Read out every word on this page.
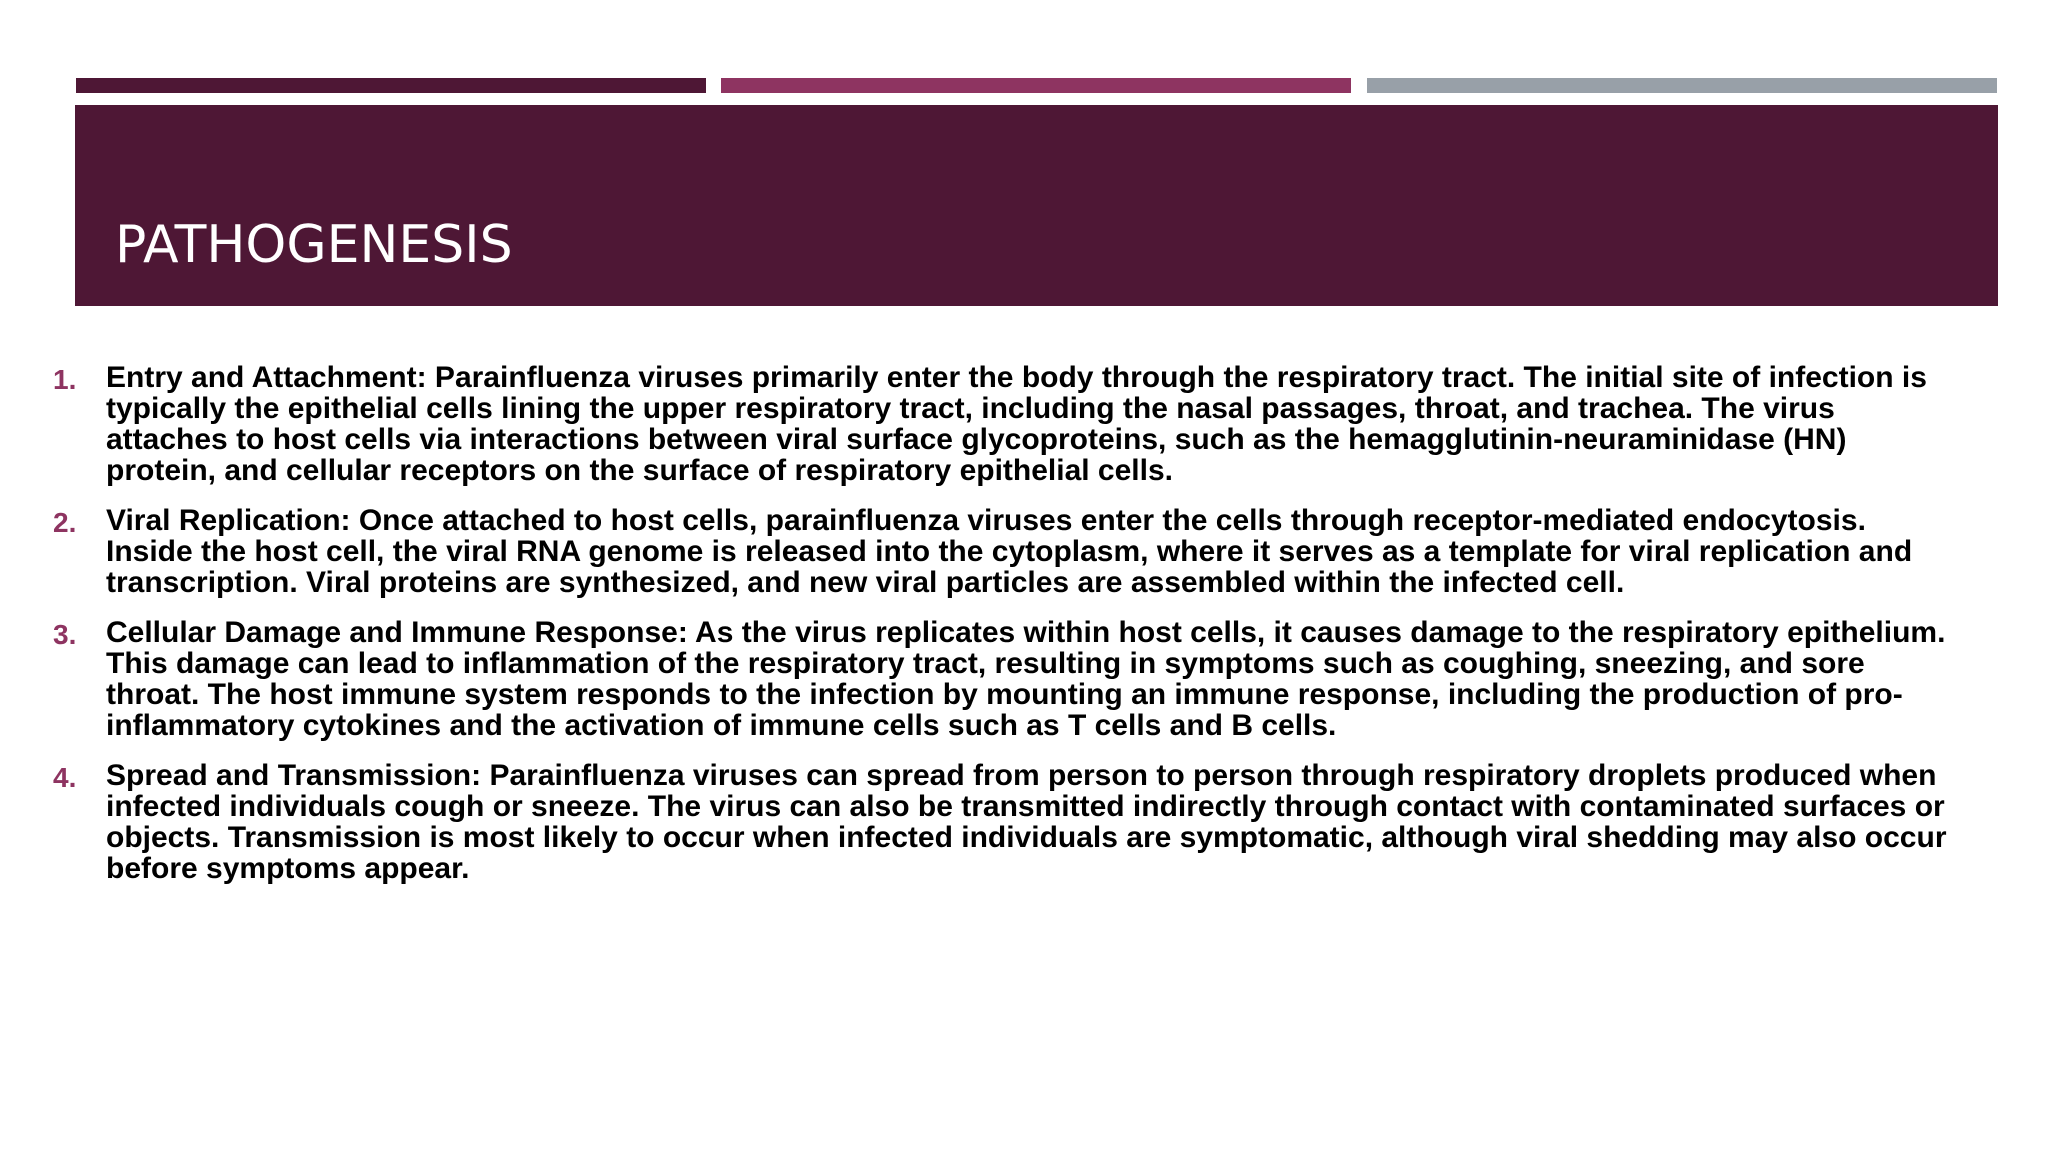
PATHOGENESIS
1. Entry and Attachment: Parainfluenza viruses primarily enter the body through the respiratory tract. The initial site of infection is typically the epithelial cells lining the upper respiratory tract, including the nasal passages, throat, and trachea. The virus attaches to host cells via interactions between viral surface glycoproteins, such as the hemagglutinin-neuraminidase (HN) protein, and cellular receptors on the surface of respiratory epithelial cells.
2. Viral Replication: Once attached to host cells, parainfluenza viruses enter the cells through receptor-mediated endocytosis. Inside the host cell, the viral RNA genome is released into the cytoplasm, where it serves as a template for viral replication and transcription. Viral proteins are synthesized, and new viral particles are assembled within the infected cell.
3. Cellular Damage and Immune Response: As the virus replicates within host cells, it causes damage to the respiratory epithelium. This damage can lead to inflammation of the respiratory tract, resulting in symptoms such as coughing, sneezing, and sore throat. The host immune system responds to the infection by mounting an immune response, including the production of pro-inflammatory cytokines and the activation of immune cells such as T cells and B cells.
4. Spread and Transmission: Parainfluenza viruses can spread from person to person through respiratory droplets produced when infected individuals cough or sneeze. The virus can also be transmitted indirectly through contact with contaminated surfaces or objects. Transmission is most likely to occur when infected individuals are symptomatic, although viral shedding may also occur before symptoms appear.
